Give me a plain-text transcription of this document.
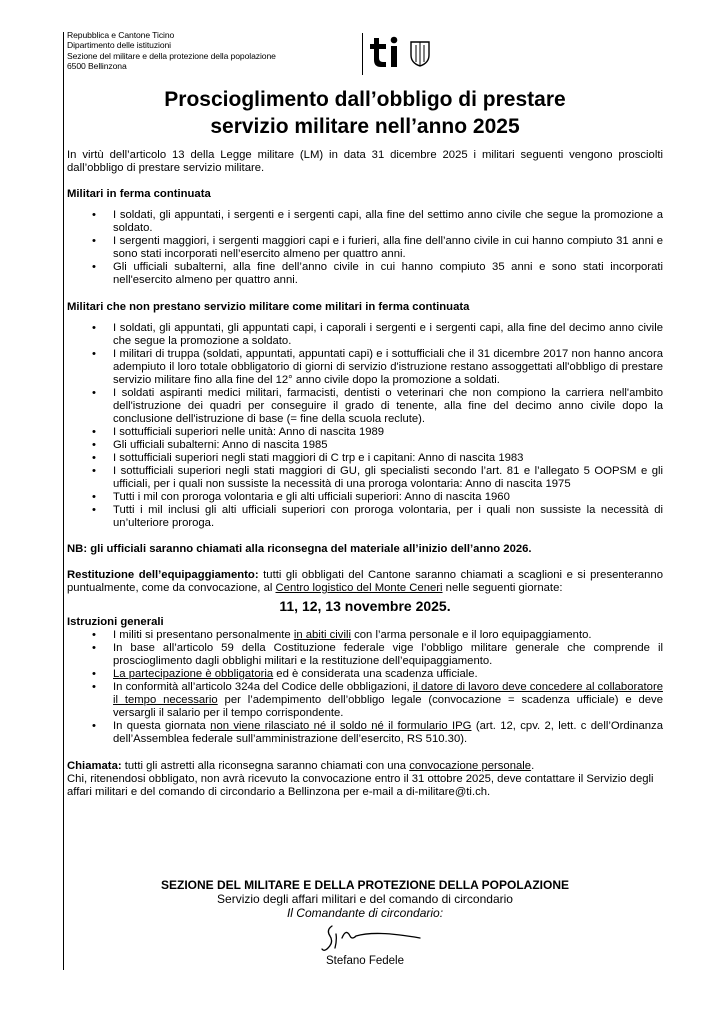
Repubblica e Cantone Ticino
Dipartimento delle istituzioni
Sezione del militare e della protezione della popolazione
6500 Bellinzona
Proscioglimento dall’obbligo di prestare
servizio militare nell’anno 2025

In virtù dell’articolo 13 della Legge militare (LM) in data 31 dicembre 2025 i militari seguenti vengono prosciolti dall’obbligo di prestare servizio militare.

Militari in ferma continuata

• I soldati, gli appuntati, i sergenti e i sergenti capi, alla fine del settimo anno civile che segue la promozione a soldato.
• I sergenti maggiori, i sergenti maggiori capi e i furieri, alla fine dell’anno civile in cui hanno compiuto 31 anni e sono stati incorporati nell’esercito almeno per quattro anni.
• Gli ufficiali subalterni, alla fine dell’anno civile in cui hanno compiuto 35 anni e sono stati incorporati nell'esercito almeno per quattro anni.

Militari che non prestano servizio militare come militari in ferma continuata

• I soldati, gli appuntati, gli appuntati capi, i caporali i sergenti e i sergenti capi, alla fine del decimo anno civile che segue la promozione a soldato.
• I militari di truppa (soldati, appuntati, appuntati capi) e i sottufficiali che il 31 dicembre 2017 non hanno ancora adempiuto il loro totale obbligatorio di giorni di servizio d'istruzione restano assoggettati all'obbligo di prestare servizio militare fino alla fine del 12° anno civile dopo la promozione a soldati.
• I soldati aspiranti medici militari, farmacisti, dentisti o veterinari che non compiono la carriera nell'ambito dell'istruzione dei quadri per conseguire il grado di tenente, alla fine del decimo anno civile dopo la conclusione dell'istruzione di base (= fine della scuola reclute).
• I sottufficiali superiori nelle unità: Anno di nascita 1989
• Gli ufficiali subalterni: Anno di nascita 1985
• I sottufficiali superiori negli stati maggiori di C trp e i capitani: Anno di nascita 1983
• I sottufficiali superiori negli stati maggiori di GU, gli specialisti secondo l’art. 81 e l’allegato 5 OOPSM e gli ufficiali, per i quali non sussiste la necessità di una proroga volontaria: Anno di nascita 1975
• Tutti i mil con proroga volontaria e gli alti ufficiali superiori: Anno di nascita 1960
• Tutti i mil inclusi gli alti ufficiali superiori con proroga volontaria, per i quali non sussiste la necessità di un’ulteriore proroga.

NB: gli ufficiali saranno chiamati alla riconsegna del materiale all’inizio dell’anno 2026.

Restituzione dell’equipaggiamento: tutti gli obbligati del Cantone saranno chiamati a scaglioni e si presenteranno puntualmente, come da convocazione, al Centro logistico del Monte Ceneri nelle seguenti giornate:

11, 12, 13 novembre 2025.

Istruzioni generali

• I militi si presentano personalmente in abiti civili con l’arma personale e il loro equipaggiamento.
• In base all’articolo 59 della Costituzione federale vige l’obbligo militare generale che comprende il proscioglimento dagli obblighi militari e la restituzione dell’equipaggiamento.
• La partecipazione è obbligatoria ed è considerata una scadenza ufficiale.
• In conformità all’articolo 324a del Codice delle obbligazioni, il datore di lavoro deve concedere al collaboratore il tempo necessario per l’adempimento dell’obbligo legale (convocazione = scadenza ufficiale) e deve versargli il salario per il tempo corrispondente.
• In questa giornata non viene rilasciato né il soldo né il formulario IPG (art. 12, cpv. 2, lett. c dell’Ordinanza dell’Assemblea federale sull’amministrazione dell’esercito, RS 510.30).

Chiamata: tutti gli astretti alla riconsegna saranno chiamati con una convocazione personale.

Chi, ritenendosi obbligato, non avrà ricevuto la convocazione entro il 31 ottobre 2025, deve contattare il Servizio degli affari militari e del comando di circondario a Bellinzona per e-mail a di-militare@ti.ch.

SEZIONE DEL MILITARE E DELLA PROTEZIONE DELLA POPOLAZIONE
Servizio degli affari militari e del comando di circondario
Il Comandante di circondario:
Stefano Fedele
